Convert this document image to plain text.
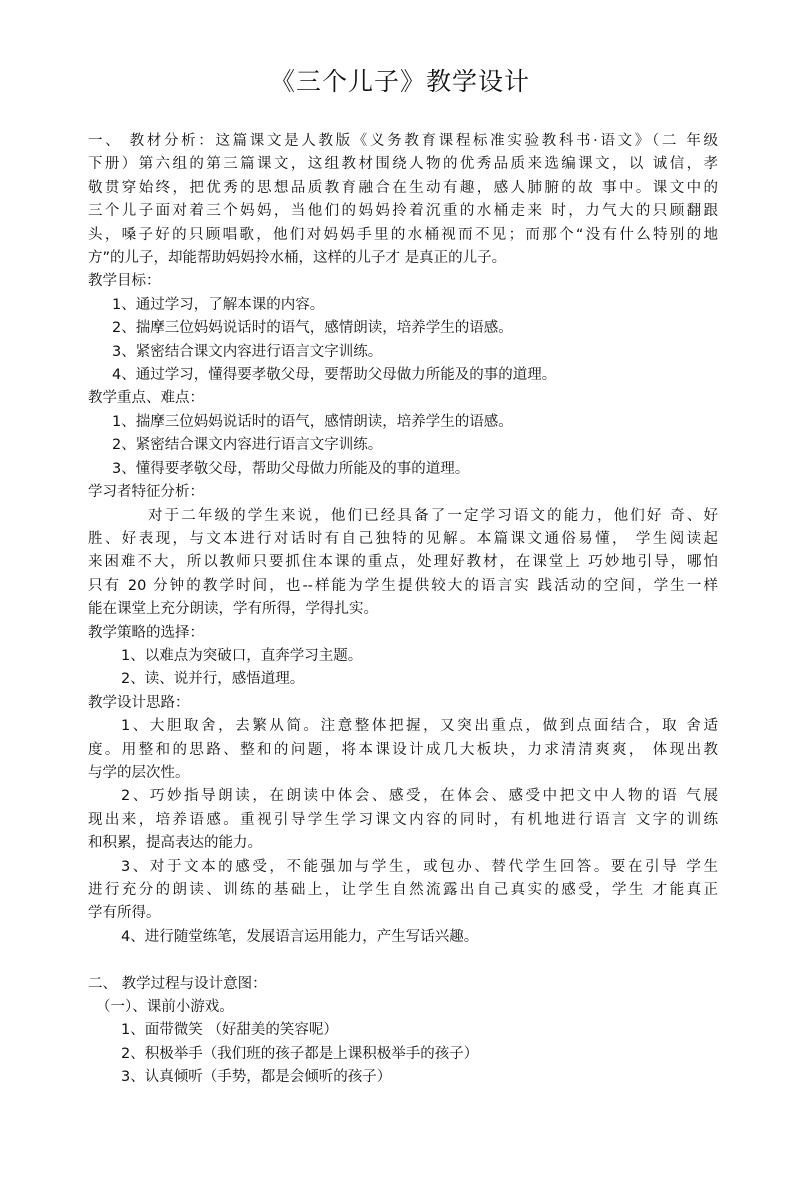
《三个儿子》教学设计
一、 教材分析：这篇课文是人教版《义务教育课程标准实验教科书·语文》（二 年级
下册）第六组的第三篇课文，这组教材围绕人物的优秀品质来选编课文，以 诚信，孝
敬贯穿始终，把优秀的思想品质教育融合在生动有趣，感人肺腑的故 事中。课文中的
三个儿子面对着三个妈妈，当他们的妈妈拎着沉重的水桶走来 时，力气大的只顾翻跟
头，嗓子好的只顾唱歌，他们对妈妈手里的水桶视而不见；而那个“没有什么特别的地
方”的儿子，却能帮助妈妈拎水桶，这样的儿子才 是真正的儿子。
教学目标：
1、通过学习，了解本课的内容。
2、揣摩三位妈妈说话时的语气，感情朗读，培养学生的语感。
3、紧密结合课文内容进行语言文字训练。
4、通过学习，懂得要孝敬父母，要帮助父母做力所能及的事的道理。
教学重点、难点：
1、揣摩三位妈妈说话时的语气，感情朗读，培养学生的语感。
2、紧密结合课文内容进行语言文字训练。
3、懂得要孝敬父母，帮助父母做力所能及的事的道理。
学习者特征分析：
对于二年级的学生来说，他们已经具备了一定学习语文的能力，他们好 奇、好
胜、好表现，与文本进行对话时有自己独特的见解。本篇课文通俗易懂， 学生阅读起
来困难不大，所以教师只要抓住本课的重点，处理好教材，在课堂上 巧妙地引导，哪怕
只有 20 分钟的教学时间，也--样能为学生提供较大的语言实 践活动的空间，学生一样
能在课堂上充分朗读，学有所得，学得扎实。
教学策略的选择：
1、以难点为突破口，直奔学习主题。
2、读、说并行，感悟道理。
教学设计思路：
1、大胆取舍，去繁从简。注意整体把握，又突出重点，做到点面结合，取 舍适
度。用整和的思路、整和的问题，将本课设计成几大板块，力求清清爽爽， 体现出教
与学的层次性。
2、巧妙指导朗读，在朗读中体会、感受，在体会、感受中把文中人物的语 气展
现出来，培养语感。重视引导学生学习课文内容的同时，有机地进行语言 文字的训练
和积累，提高表达的能力。
3、对于文本的感受，不能强加与学生，或包办、替代学生回答。要在引导 学生
进行充分的朗读、训练的基础上，让学生自然流露出自己真实的感受，学生 才能真正
学有所得。
4、进行随堂练笔，发展语言运用能力，产生写话兴趣。
二、 教学过程与设计意图：
（一）、课前小游戏。
1、面带微笑 （好甜美的笑容呢）
2、积极举手（我们班的孩子都是上课积极举手的孩子）
3、认真倾听（手势，都是会倾听的孩子）
